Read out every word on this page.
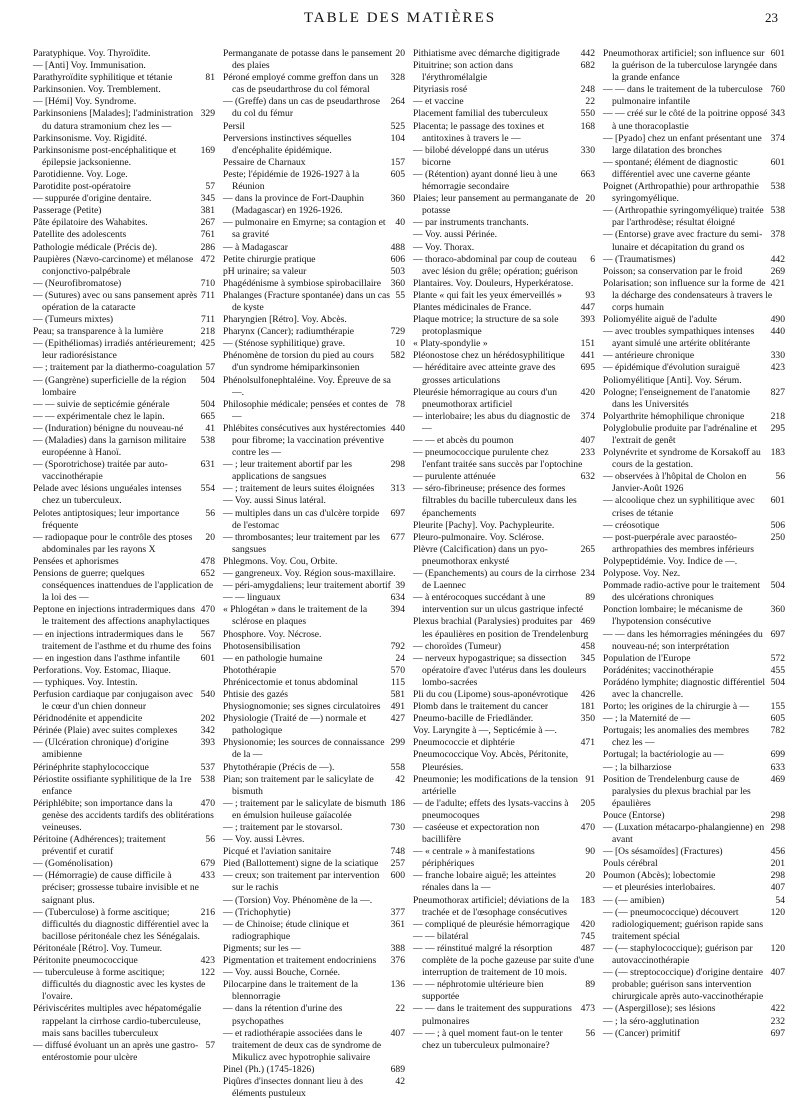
TABLE DES MATIÈRES	23
Paratyphique. Voy. Thyroïdite.
— [Anti] Voy. Immunisation.
81
Parathyroïdite syphilitique et tétanie
Parkinsonien. Voy. Tremblement.
— [Hémi] Voy. Syndrome.
329
Parkinsoniens [Malades]; l'administration du datura stramonium chez les —
Parkinsonisme. Voy. Rigidité.
169
Parkinsonisme post-encéphalitique et épilepsie jacksonienne.
Parotidienne. Voy. Loge.
57
Parotidite post-opératoire
345
— suppurée d'origine dentaire.
381
Passerage (Petite)
267
Pâte épilatoire des Wahabites.
761
Patellite des adolescents
286
Pathologie médicale (Précis de).
472
Paupières (Nævo-carcinome) et mélanose conjonctivo-palpébrale
710
— (Neurofibromatose)
711
— (Sutures) avec ou sans pansement après opération de la cataracte
711
— (Tumeurs mixtes)
218
Peau; sa transparence à la lumière
425
— (Epithéliomas) irradiés antérieurement; leur radiorésistance
57
— ; traitement par la diathermo-coagulation
504
— (Gangrène) superficielle de la région lombaire
504
— — suivie de septicémie générale
665
— — expérimentale chez le lapin.
41
— (Induration) bénigne du nouveau-né
538
— (Maladies) dans la garnison militaire européenne à Hanoï.
631
— (Sporotrichose) traitée par auto-vaccinothérapie
554
Pelade avec lésions unguéales intenses chez un tuberculeux.
56
Pelotes antiptosiques; leur importance fréquente
20
— radiopaque pour le contrôle des ptoses abdominales par les rayons X
478
Pensées et aphorismes
652
Pensions de guerre; quelques conséquences inattendues de l'application de la loi des —
470
Peptone en injections intradermiques dans le traitement des affections anaphylactiques
567
— en injections intradermiques dans le traitement de l'asthme et du rhume des foins
601
— en ingestion dans l'asthme infantile
Perforations. Voy. Estomac, Iliaque.
— typhiques. Voy. Intestin.
540
Perfusion cardiaque par conjugaison avec le cœur d'un chien donneur
202
Péridnodénite et appendicite
342
Périnée (Plaie) avec suites complexes
393
— (Ulcération chronique) d'origine amibienne
537
Périnéphrite staphylococcique
538
Périostite ossifiante syphilitique de la 1re enfance
470
Périphlébite; son importance dans la genèse des accidents tardifs des oblitérations veineuses.
56
Péritoine (Adhérences); traitement préventif et curatif
679
— (Goménolisation)
433
— (Hémorragie) de cause difficile à préciser; grossesse tubaire invisible et ne saignant plus.
216
— (Tuberculose) à forme ascitique; difficultés du diagnostic différentiel avec la bacillose péritonéale chez les Sénégalais.
Péritonéale [Rétro]. Voy. Tumeur.
423
Péritonite pneumococcique
122
— tuberculeuse à forme ascitique; difficultés du diagnostic avec les kystes de l'ovaire.
Périviscérites multiples avec hépatomégalie rappelant la cirrhose cardio-tuberculeuse, mais sans bacilles tuberculeux
57
— diffusé évoluant un an après une gastro-entérostomie pour ulcère
20
Permanganate de potasse dans le pansement des plaies
328
Péroné employé comme greffon dans un cas de pseudarthrose du col fémoral
264
— (Greffe) dans un cas de pseudarthrose du col du fémur
525
Persil
104
Perversions instinctives séquelles d'encéphalite épidémique.
157
Pessaire de Charnaux
605
Peste; l'épidémie de 1926-1927 à la Réunion
360
— dans la province de Fort-Dauphin (Madagascar) en 1926-1926.
40
— pulmonaire en Emyrne; sa contagion et sa gravité
488
— à Madagascar
606
Petite chirurgie pratique
503
pH urinaire; sa valeur
360
Phagédénisme à symbiose spirobacillaire
55
Phalanges (Fracture spontanée) dans un cas de kyste
Pharyngien [Rétro]. Voy. Abcès.
729
Pharynx (Cancer); radiumthérapie
10
— (Sténose syphilitique) grave.
582
Phénomène de torsion du pied au cours d'un syndrome hémiparkinsonien
Phénolsulfonephtaléine. Voy. Épreuve de sa —.
78
Philosophie médicale; pensées et contes de —
440
Phlébites consécutives aux hystérectomies pour fibrome; la vaccination préventive contre les —
298
— ; leur traitement abortif par les applications de sangsues
313
— ; traitement de leurs suites éloignées
— Voy. aussi Sinus latéral.
697
— multiples dans un cas d'ulcère torpide de l'estomac
677
— thrombosantes; leur traitement par les sangsues
Phlegmons. Voy. Cou, Orbite.
— gangreneux. Voy. Région sous-maxillaire.
39
— péri-amygdaliens; leur traitement abortif
634
— — linguaux
394
« Phlogétan » dans le traitement de la sclérose en plaques
Phosphore. Voy. Nécrose.
792
Photosensibilisation
24
— en pathologie humaine
570
Photothérapie
115
Phrénicectomie et tonus abdominal
581
Phtisie des gazés
491
Physiognomonie; ses signes circulatoires
427
Physiologie (Traité de —) normale et pathologique
299
Physionomie; les sources de connaissance de la —
558
Phytothérapie (Précis de —).
42
Pian; son traitement par le salicylate de bismuth
186
— ; traitement par le salicylate de bismuth en émulsion huileuse gaïacolée
730
— ; traitement par le stovarsol.
— Voy. aussi Lèvres.
748
Picqué et l'aviation sanitaire
257
Pied (Ballottement) signe de la sciatique
600
— creux; son traitement par intervention sur le rachis
— (Torsion) Voy. Phénomène de la —.
377
— (Trichophytie)
361
— de Chinoise; étude clinique et radiographique
388
Pigments; sur les —
376
Pigmentation et traitement endocriniens
— Voy. aussi Bouche, Cornée.
136
Pilocarpine dans le traitement de la blennorragie
22
— dans la rétention d'urine des psychopathes
407
— et radiothérapie associées dans le traitement de deux cas de syndrome de Mikulicz avec hypotrophie salivaire
689
Pinel (Ph.) (1745-1826)
42
Piqûres d'insectes donnant lieu à des éléments pustuleux
442
Pithiatisme avec démarche digitigrade
682
Pituitrine; son action dans l'érythromélalgie
248
Pityriasis rosé
22
— et vaccine
550
Placement familial des tuberculeux
168
Placenta; le passage des toxines et antitoxines à travers le —
330
— bilobé développé dans un utérus bicorne
663
— (Rétention) ayant donné lieu à une hémorragie secondaire
20
Plaies; leur pansement au permanganate de potasse
— par instruments tranchants.
— Voy. aussi Périnée.
— Voy. Thorax.
6
— thoraco-abdominal par coup de couteau avec lésion du grêle; opération; guérison
Plantaires. Voy. Douleurs, Hyperkératose.
93
Plante « qui fait les yeux émerveillés »
447
Plantes médicinales de France.
393
Plaque motrice; la structure de sa sole protoplasmique
151
« Platy-spondylie »
441
Pléonostose chez un hérédosyphilitique
695
— héréditaire avec atteinte grave des grosses articulations
420
Pleurésie hémorragique au cours d'un pneumothorax artificiel
374
— interlobaire; les abus du diagnostic de —
407
— — et abcès du poumon
233
— pneumococcique purulente chez l'enfant traitée sans succès par l'optochine
632
— purulente atténuée
— séro-fibrineuse; présence des formes filtrables du bacille tuberculeux dans les épanchements
Pleurite [Pachy]. Voy. Pachypleurite.
Pleuro-pulmonaire. Voy. Sclérose.
265
Plèvre (Calcification) dans un pyo-pneumothorax enkysté
234
— (Epanchements) au cours de la cirrhose de Laennec
89
— à entérocoques succédant à une intervention sur un ulcus gastrique infecté
469
Plexus brachial (Paralysies) produites par les épaulières en position de Trendelenburg
458
— choroïdes (Tumeur)
345
— nerveux hypogastrique; sa dissection opératoire d'avec l'utérus dans les douleurs lombo-sacrées
426
Pli du cou (Lipome) sous-aponévrotique
181
Plomb dans le traitement du cancer
350
Pneumo-bacille de Friedländer.
Voy. Laryngite à —, Septicémie à —.
471
Pneumococcie et diphtérie
Pneumococcique Voy. Abcès, Péritonite, Pleurésies.
91
Pneumonie; les modifications de la tension artérielle
205
— de l'adulte; effets des lysats-vaccins à pneumocoques
470
— caséeuse et expectoration non bacillifère
90
— « centrale » à manifestations périphériques
20
— franche lobaire aiguë; les atteintes rénales dans la —
183
Pneumothorax artificiel; déviations de la trachée et de l'œsophage consécutives
420
— compliqué de pleurésie hémorragique
745
— — bilatéral
487
— — réinstitué malgré la résorption complète de la poche gazeuse par suite d'une interruption de traitement de 10 mois.
89
— — néphrotomie ultérieure bien supportée
473
— — dans le traitement des suppurations pulmonaires
56
— — ; à quel moment faut-on le tenter chez un tuberculeux pulmonaire?
601
Pneumothorax artificiel; son influence sur la guérison de la tuberculose laryngée dans la grande enfance
760
— — dans le traitement de la tuberculose pulmonaire infantile
343
— — créé sur le côté de la poitrine opposé à une thoracoplastie
374
— [Pyado] chez un enfant présentant une large dilatation des bronches
601
— spontané; élément de diagnostic différentiel avec une caverne géante
538
Poignet (Arthropathie) pour arthropathie syringomyélique.
538
— (Arthropathie syringomyélique) traitée par l'arthrodèse; résultat éloigné
378
— (Entorse) grave avec fracture du semi-lunaire et décapitation du grand os
442
— (Traumatismes)
269
Poisson; sa conservation par le froid
421
Polarisation; son influence sur la forme de la décharge des condensateurs à travers le corps humain
490
Poliomyélite aiguë de l'adulte
440
— avec troubles sympathiques intenses ayant simulé une artérite oblitérante
330
— antérieure chronique
423
— épidémique d'évolution suraiguë
Poliomyélitique [Anti]. Voy. Sérum.
827
Pologne; l'enseignement de l'anatomie dans les Universités
218
Polyarthrite hémophilique chronique
295
Polyglobulie produite par l'adrénaline et l'extrait de genêt
183
Polynévrite et syndrome de Korsakoff au cours de la gestation.
56
— observées à l'hôpital de Cholon en Janvier-Août 1926
601
— alcoolique chez un syphilitique avec crises de tétanie
506
— créosotique
250
— post-puerpérale avec paraostéo-arthropathies des membres inférieurs
Polypeptidémie. Voy. Indice de —.
Polypose. Voy. Nez.
504
Pommade radio-active pour le traitement des ulcérations chroniques
360
Ponction lombaire; le mécanisme de l'hypotension consécutive
697
— — dans les hémorragies méningées du nouveau-né; son interprétation
572
Population de l'Europe
455
Porádénites; vaccinothérapie
504
Porádéno lymphite; diagnostic différentiel avec la chancrelle.
155
Porto; les origines de la chirurgie à —
605
— ; la Maternité de —
782
Portugais; les anomalies des membres chez les —
699
Portugal; la bactériologie au —
633
— ; la bilharziose
469
Position de Trendelenburg cause de paralysies du plexus brachial par les épaulières
298
Pouce (Entorse)
298
— (Luxation métacarpo-phalangienne) en avant
456
— [Os sésamoïdes] (Fractures)
201
Pouls cérébral
298
Poumon (Abcès); lobectomie
407
— et pleurésies interlobaires.
54
— (— amibien)
120
— (— pneumococcique) découvert radiologiquement; guérison rapide sans traitement spécial
120
— (— staphylococcique); guérison par autovaccinothérapie
407
— (— streptococcique) d'origine dentaire probable; guérison sans intervention chirurgicale après auto-vaccinothérapie
422
— (Aspergillose); ses lésions
232
— ; la séro-agglutination
697
— (Cancer) primitif
